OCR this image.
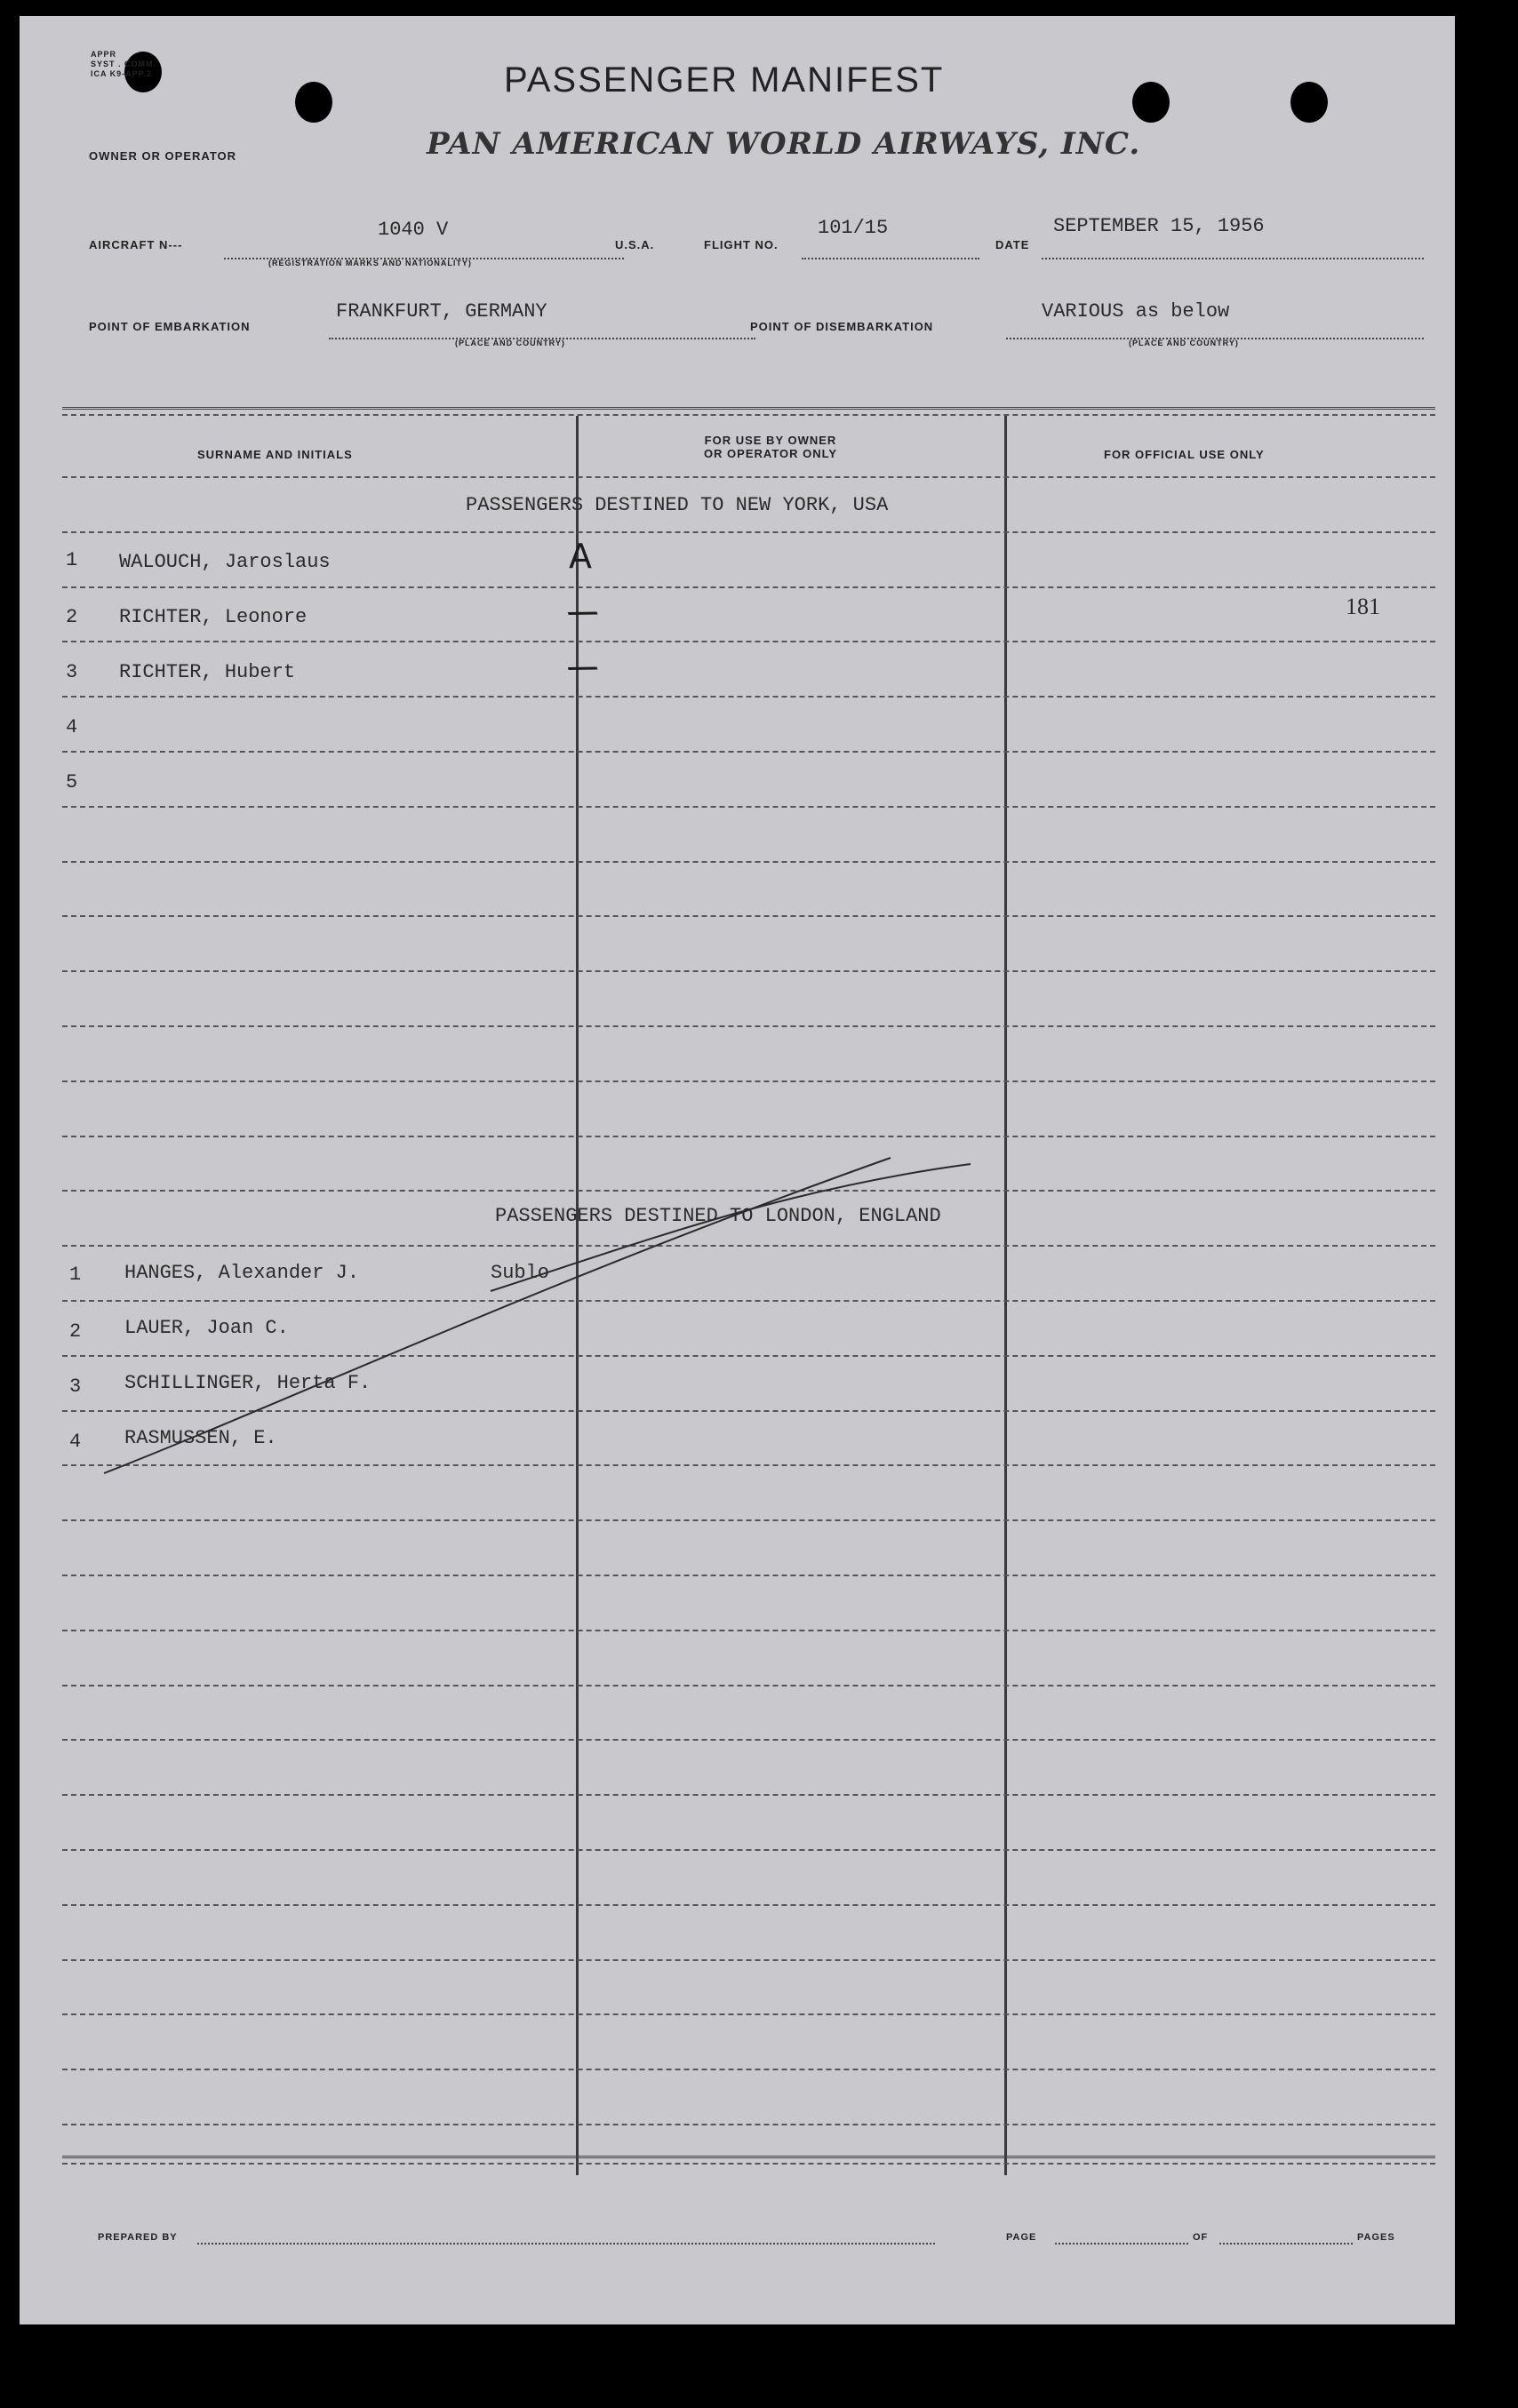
APPR
SYST . COMM.
ICA K9-APP.2	PASSENGER MANIFEST
OWNER OR OPERATOR	PAN AMERICAN WORLD AIRWAYS, INC.
AIRCRAFT N---
1040 V
(REGISTRATION MARKS AND NATIONALITY)
U.S.A.	FLIGHT NO.
101/15
DATE
SEPTEMBER 15, 1956
POINT OF EMBARKATION
FRANKFURT, GERMANY
(PLACE AND COUNTRY)
POINT OF DISEMBARKATION
VARIOUS as below
(PLACE AND COUNTRY)
SURNAME AND INITIALS
FOR USE BY OWNER
OR OPERATOR ONLY	FOR OFFICIAL USE ONLY
PASSENGERS DESTINED TO NEW YORK, USA
1 WALOUCH, Jaroslaus	A
2 RICHTER, Leonore	/	181
3 RICHTER, Hubert	/
4
5
PASSENGERS DESTINED TO LONDON, ENGLAND
1 HANGES, Alexander J.	Sublo
2 LAUER, Joan C.
3 SCHILLINGER, Herta F.
4 RASMUSSEN, E.
PREPARED BY	PAGE	OF	PAGES
